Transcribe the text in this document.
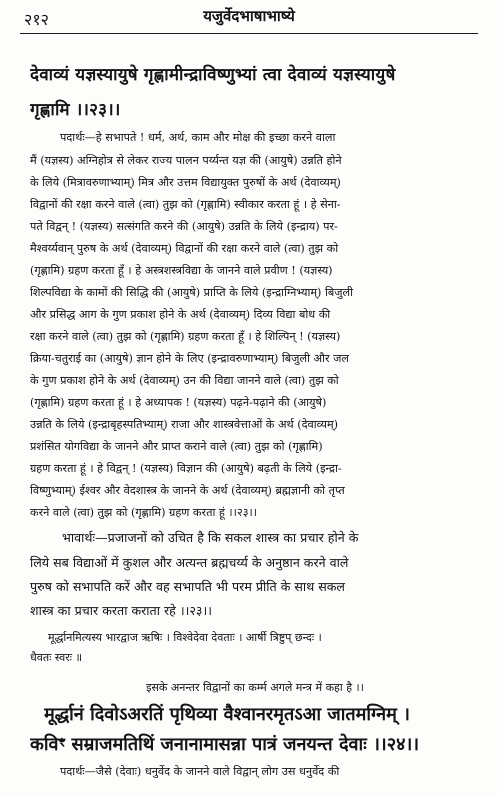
२१२	यजुर्वेदभाषाभाष्ये
देवाव्यं यज्ञस्यायुषे गृह्णामीन्द्राविष्णुभ्यां त्वा देवाव्यं यज्ञस्यायुषे
गृह्णामि ।।२३।।
पदार्थः—हे सभापते ! धर्म, अर्थ, काम और मोक्ष की इच्छा करने वाला
मैं (यज्ञस्य) अग्निहोत्र से लेकर राज्य पालन पर्य्यन्त यज्ञ की (आयुषे) उन्नति होने
के लिये (मित्रावरुणाभ्याम्) मित्र और उत्तम विद्यायुक्त पुरुषों के अर्थ (देवाव्यम्)
विद्वानों की रक्षा करने वाले (त्वा) तुझ को (गृह्णामि) स्वीकार करता हूं । हे सेना-
पते विद्वन् ! (यज्ञस्य) सत्संगति करने की (आयुषे) उन्नति के लिये (इन्द्राय) पर-
मैश्वर्य्यवान् पुरुष के अर्थ (देवाव्यम्) विद्वानों की रक्षा करने वाले (त्वा) तुझ को
(गृह्णामि) ग्रहण करता हूँ । हे अस्त्रशस्त्रविद्या के जानने वाले प्रवीण ! (यज्ञस्य)
शिल्पविद्या के कामों की सिद्धि की (आयुषे) प्राप्ति के लिये (इन्द्राग्निभ्याम्) बिजुली
और प्रसिद्ध आग के गुण प्रकाश होने के अर्थ (देवाव्यम्) दिव्य विद्या बोध की
रक्षा करने वाले (त्वा) तुझ को (गृह्णामि) ग्रहण करता हूँ । हे शिल्पिन् ! (यज्ञस्य)
क्रिया-चतुराई का (आयुषे) ज्ञान होने के लिए (इन्द्रावरुणाभ्याम्) बिजुली और जल
के गुण प्रकाश होने के अर्थ (देवाव्यम्) उन की विद्या जानने वाले (त्वा) तुझ को
(गृह्णामि) ग्रहण करता हूं । हे अध्यापक ! (यज्ञस्य) पढ़ने-पढ़ाने की (आयुषे)
उन्नति के लिये (इन्द्राबृहस्पतिभ्याम्) राजा और शास्त्रवेत्ताओं के अर्थ (देवाव्यम्)
प्रशंसित योगविद्या के जानने और प्राप्त कराने वाले (त्वा) तुझ को (गृह्णामि)
ग्रहण करता हूं । हे विद्वन् ! (यज्ञस्य) विज्ञान की (आयुषे) बढ़ती के लिये (इन्द्रा-
विष्णुभ्याम्) ईश्वर और वेदशास्त्र के जानने के अर्थ (देवाव्यम्) ब्रह्मज्ञानी को तृप्त
करने वाले (त्वा) तुझ को (गृह्णामि) ग्रहण करता हूं ।।२३।।
भावार्थः—प्रजाजनों को उचित है कि सकल शास्त्र का प्रचार होने के
लिये सब विद्याओं में कुशल और अत्यन्त ब्रह्मचर्य्य के अनुष्ठान करने वाले
पुरुष को सभापति करें और वह सभापति भी परम प्रीति के साथ सकल
शास्त्र का प्रचार करता कराता रहे ।।२३।।
मूर्द्धानमित्यस्य भारद्वाज ऋषिः । विश्वेदेवा देवताः । आर्षी त्रिष्टुप् छन्दः ।
धैवतः स्वरः ॥
इसके अनन्तर विद्वानों का कर्म्म अगले मन्त्र में कहा है ।।
मूर्द्धानं दिवोऽअरतिं पृथिव्या वैश्वानरमृतऽआ जातमग्निम् ।
कविꣳ सम्राजमतिथिं जनानामासन्ना पात्रं जनयन्त देवाः ।।२४।।
पदार्थः—जैसे (देवाः) धनुर्वेद के जानने वाले विद्वान् लोग उस धनुर्वेद की
